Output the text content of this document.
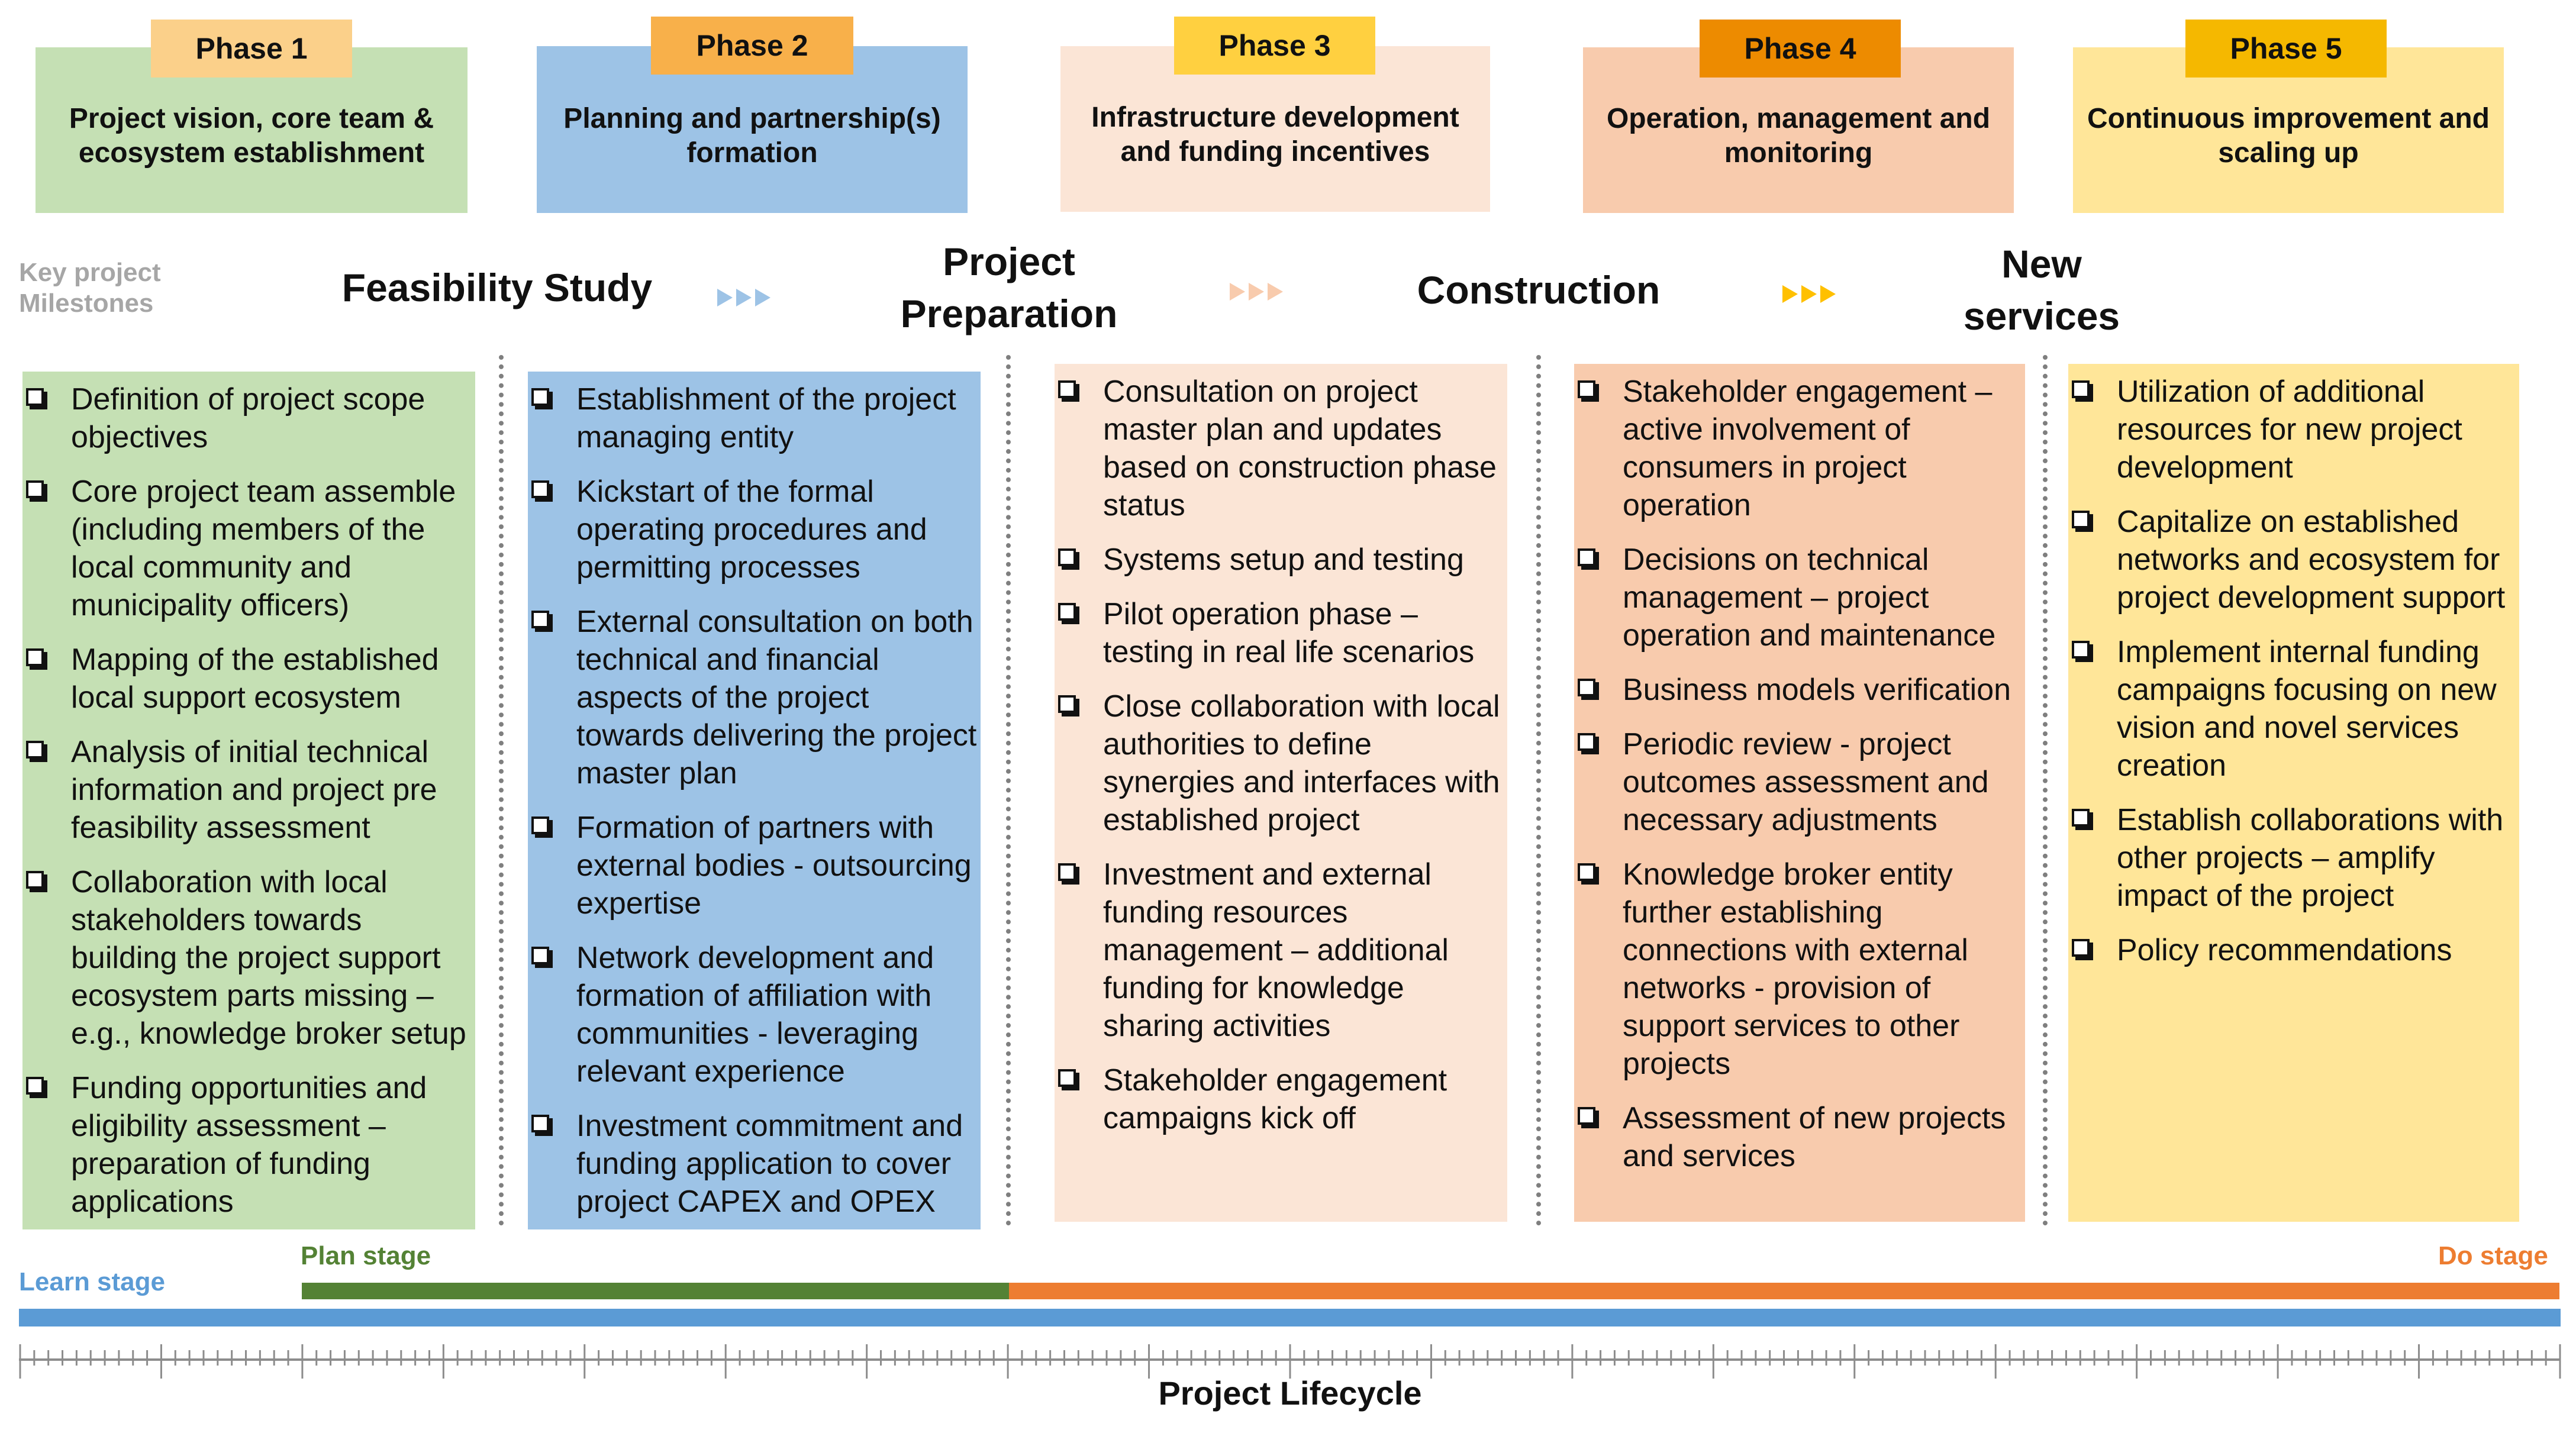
Project vision, core team & ecosystem establishment
Phase 1
Planning and partnership(s) formation
Phase 2
Infrastructure development and funding incentives
Phase 3
Operation, management and monitoring
Phase 4
Continuous improvement and scaling up
Phase 5
Key project Milestones	Feasibility Study
Project Preparation
Construction
New services
Definition of project scope objectives
Core project team assemble (including members of the local community and municipality officers)
Mapping of the established local support ecosystem
Analysis of initial technical information and project pre feasibility assessment
Collaboration with local stakeholders towards building the project support ecosystem parts missing – e.g., knowledge broker setup
Funding opportunities and eligibility assessment – preparation of funding applications
Establishment of the project managing entity
Kickstart of the formal operating procedures and permitting processes
External consultation on both technical and financial aspects of the project towards delivering the project master plan
Formation of partners with external bodies - outsourcing expertise
Network development and formation of affiliation with communities - leveraging relevant experience
Investment commitment and funding application to cover project CAPEX and OPEX
Consultation on project master plan and updates based on construction phase status
Systems setup and testing
Pilot operation phase – testing in real life scenarios
Close collaboration with local authorities to define synergies and interfaces with established project
Investment and external funding resources management – additional funding for knowledge sharing activities
Stakeholder engagement campaigns kick off
Stakeholder engagement – active involvement of consumers in project operation
Decisions on technical management – project operation and maintenance
Business models verification
Periodic review - project outcomes assessment and necessary adjustments
Knowledge broker entity further establishing connections with external networks - provision of support services to other projects
Assessment of new projects and services
Utilization of additional resources for new project development
Capitalize on established networks and ecosystem for project development support
Implement internal funding campaigns focusing on new vision and novel services creation
Establish collaborations with other projects – amplify impact of the project
Policy recommendations
Plan stage
Learn stage
Do stage
Project Lifecycle
